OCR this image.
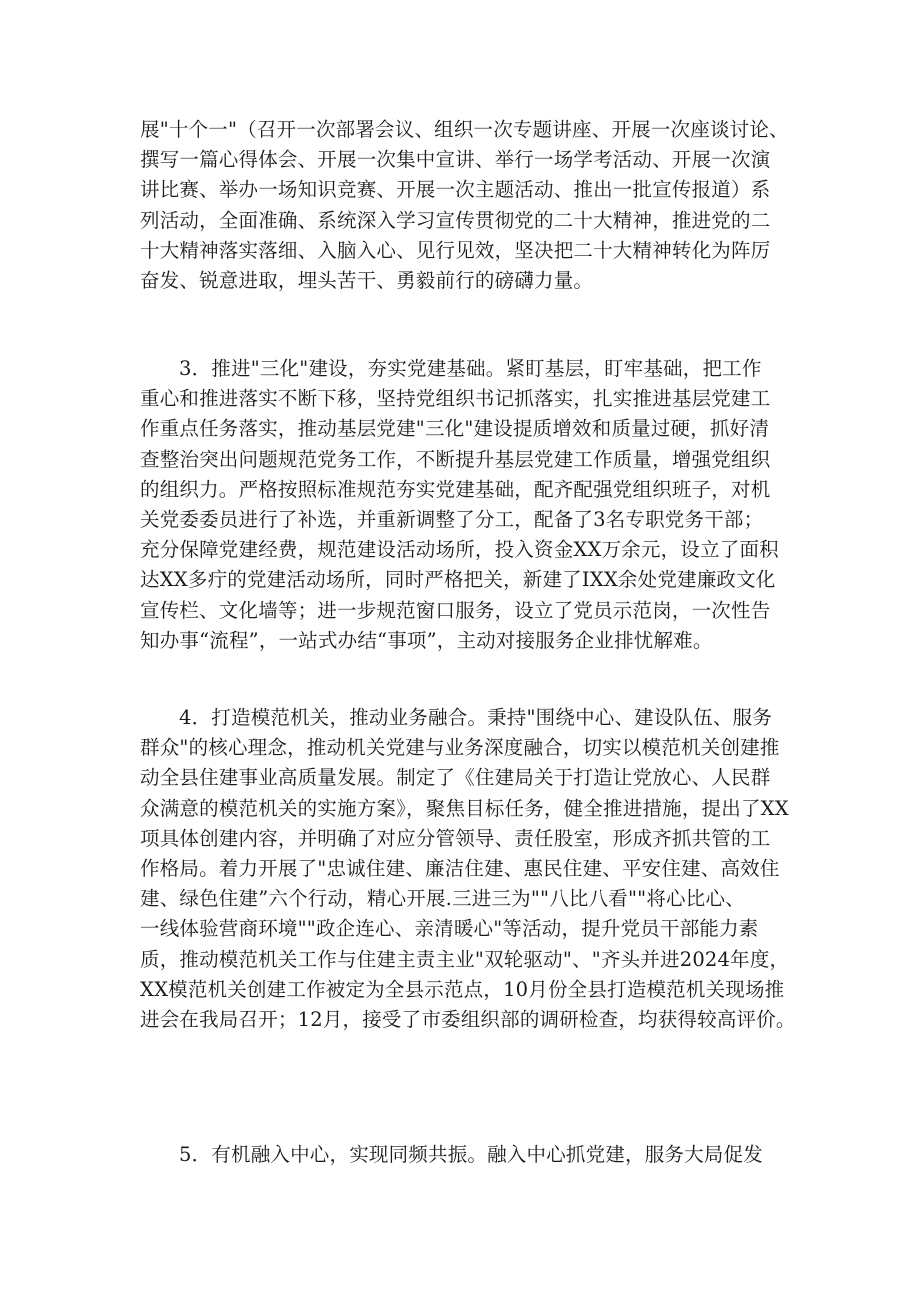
展"十个一"（召开一次部署会议、组织一次专题讲座、开展一次座谈讨论、
撰写一篇心得体会、开展一次集中宣讲、举行一场学考活动、开展一次演
讲比赛、举办一场知识竞赛、开展一次主题活动、推出一批宣传报道）系
列活动，全面准确、系统深入学习宣传贯彻党的二十大精神，推进党的二
十大精神落实落细、入脑入心、见行见效，坚决把二十大精神转化为阵厉
奋发、锐意进取，埋头苦干、勇毅前行的磅礴力量。
3．推进"三化"建设，夯实党建基础。紧盯基层，盯牢基础，把工作
重心和推进落实不断下移，坚持党组织书记抓落实，扎实推进基层党建工
作重点任务落实，推动基层党建"三化"建设提质增效和质量过硬，抓好清
查整治突出问题规范党务工作，不断提升基层党建工作质量，增强党组织
的组织力。严格按照标准规范夯实党建基础，配齐配强党组织班子，对机
关党委委员进行了补选，并重新调整了分工，配备了3名专职党务干部；
充分保障党建经费，规范建设活动场所，投入资金XX万余元，设立了面积
达XX多疔的党建活动场所，同时严格把关，新建了IXX余处党建廉政文化
宣传栏、文化墙等；进一步规范窗口服务，设立了党员示范岗，一次性告
知办事“流程”，一站式办结“事项”，主动对接服务企业排忧解难。
4．打造模范机关，推动业务融合。秉持"围绕中心、建设队伍、服务
群众"的核心理念，推动机关党建与业务深度融合，切实以模范机关创建推
动全县住建事业高质量发展。制定了《住建局关于打造让党放心、人民群
众满意的模范机关的实施方案》，聚焦目标任务，健全推进措施，提出了XX
项具体创建内容，并明确了对应分管领导、责任股室，形成齐抓共管的工
作格局。着力开展了"忠诚住建、廉洁住建、惠民住建、平安住建、高效住
建、绿色住建”六个行动，精心开展.三进三为""八比八看""将心比心、
一线体验营商环境""政企连心、亲清暖心"等活动，提升党员干部能力素
质，推动模范机关工作与住建主责主业"双轮驱动"、"齐头并进2024年度，
XX模范机关创建工作被定为全县示范点，10月份全县打造模范机关现场推
进会在我局召开；12月，接受了市委组织部的调研检查，均获得较高评价。
5．有机融入中心，实现同频共振。融入中心抓党建，服务大局促发
